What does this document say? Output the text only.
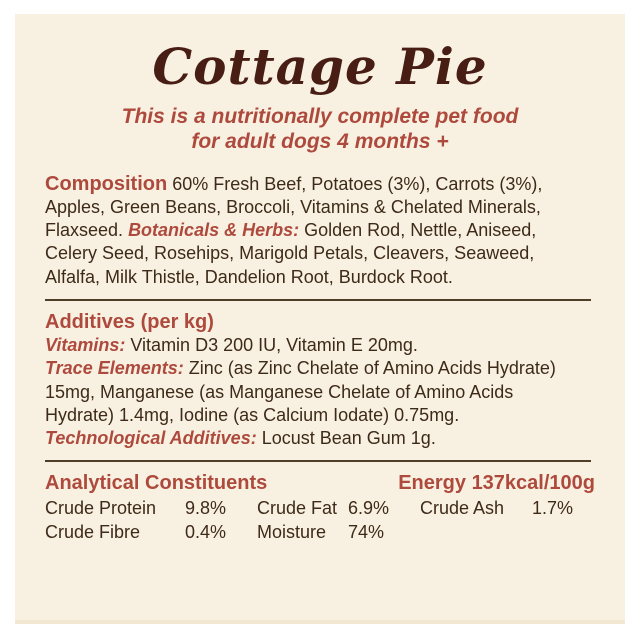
Cottage Pie
This is a nutritionally complete pet food
for adult dogs 4 months +
Composition 60% Fresh Beef, Potatoes (3%), Carrots (3%),
Apples, Green Beans, Broccoli, Vitamins & Chelated Minerals,
Flaxseed. Botanicals & Herbs: Golden Rod, Nettle, Aniseed,
Celery Seed, Rosehips, Marigold Petals, Cleavers, Seaweed,
Alfalfa, Milk Thistle, Dandelion Root, Burdock Root.
Additives (per kg)
Vitamins: Vitamin D3 200 IU, Vitamin E 20mg.
Trace Elements: Zinc (as Zinc Chelate of Amino Acids Hydrate)
15mg, Manganese (as Manganese Chelate of Amino Acids
Hydrate) 1.4mg, Iodine (as Calcium Iodate) 0.75mg.
Technological Additives: Locust Bean Gum 1g.
Analytical Constituents	Energy 137kcal/100g
Crude Protein	9.8%	Crude Fat 6.9%	Crude Ash	1.7%
Crude Fibre	0.4%	Moisture	74%
